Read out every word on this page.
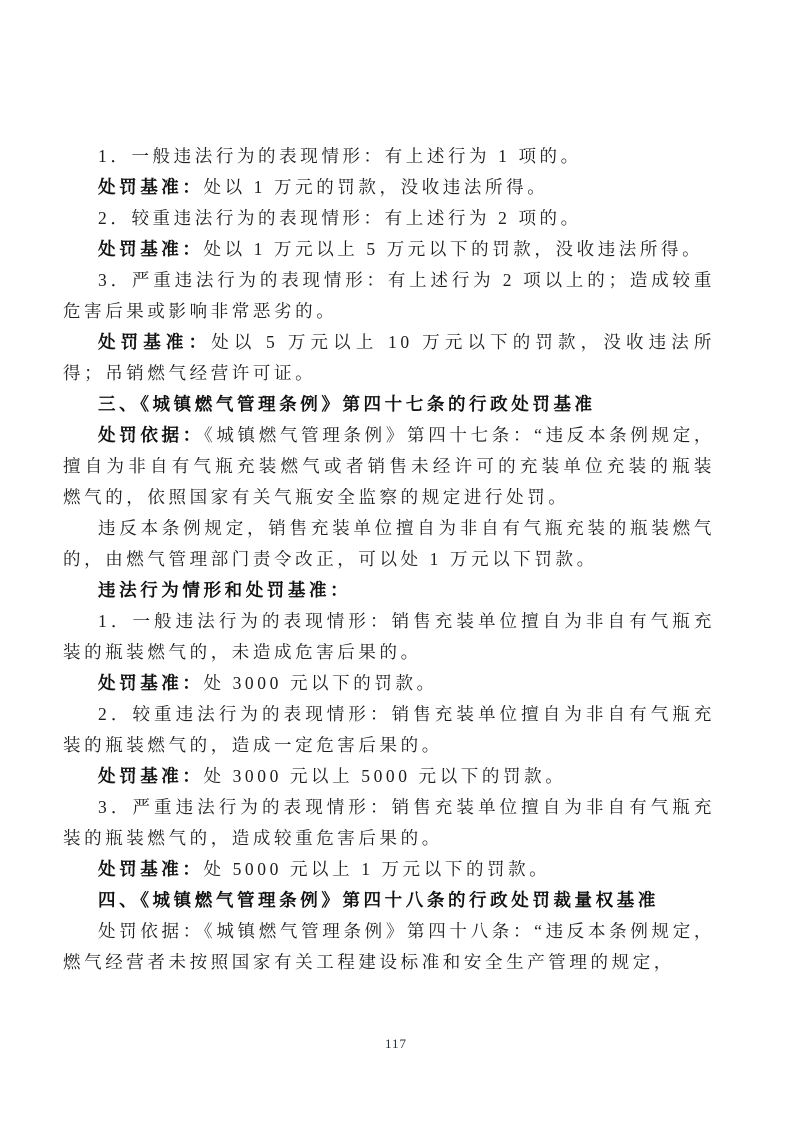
1．一般违法行为的表现情形：有上述行为 1 项的。

处罚基准：处以 1 万元的罚款，没收违法所得。

2．较重违法行为的表现情形：有上述行为 2 项的。

处罚基准：处以 1 万元以上 5 万元以下的罚款，没收违法所得。

3．严重违法行为的表现情形：有上述行为 2 项以上的；造成较重危害后果或影响非常恶劣的。

处罚基准：处以 5 万元以上 10 万元以下的罚款，没收违法所得；吊销燃气经营许可证。

三、《城镇燃气管理条例》第四十七条的行政处罚基准

处罚依据：《城镇燃气管理条例》第四十七条：“违反本条例规定，擅自为非自有气瓶充装燃气或者销售未经许可的充装单位充装的瓶装燃气的，依照国家有关气瓶安全监察的规定进行处罚。

违反本条例规定，销售充装单位擅自为非自有气瓶充装的瓶装燃气的，由燃气管理部门责令改正，可以处 1 万元以下罚款。

违法行为情形和处罚基准：

1．一般违法行为的表现情形：销售充装单位擅自为非自有气瓶充装的瓶装燃气的，未造成危害后果的。

处罚基准：处 3000 元以下的罚款。

2．较重违法行为的表现情形：销售充装单位擅自为非自有气瓶充装的瓶装燃气的，造成一定危害后果的。

处罚基准：处 3000 元以上 5000 元以下的罚款。

3．严重违法行为的表现情形：销售充装单位擅自为非自有气瓶充装的瓶装燃气的，造成较重危害后果的。

处罚基准：处 5000 元以上 1 万元以下的罚款。

四、《城镇燃气管理条例》第四十八条的行政处罚裁量权基准

处罚依据：《城镇燃气管理条例》第四十八条：“违反本条例规定，燃气经营者未按照国家有关工程建设标准和安全生产管理的规定，

117
